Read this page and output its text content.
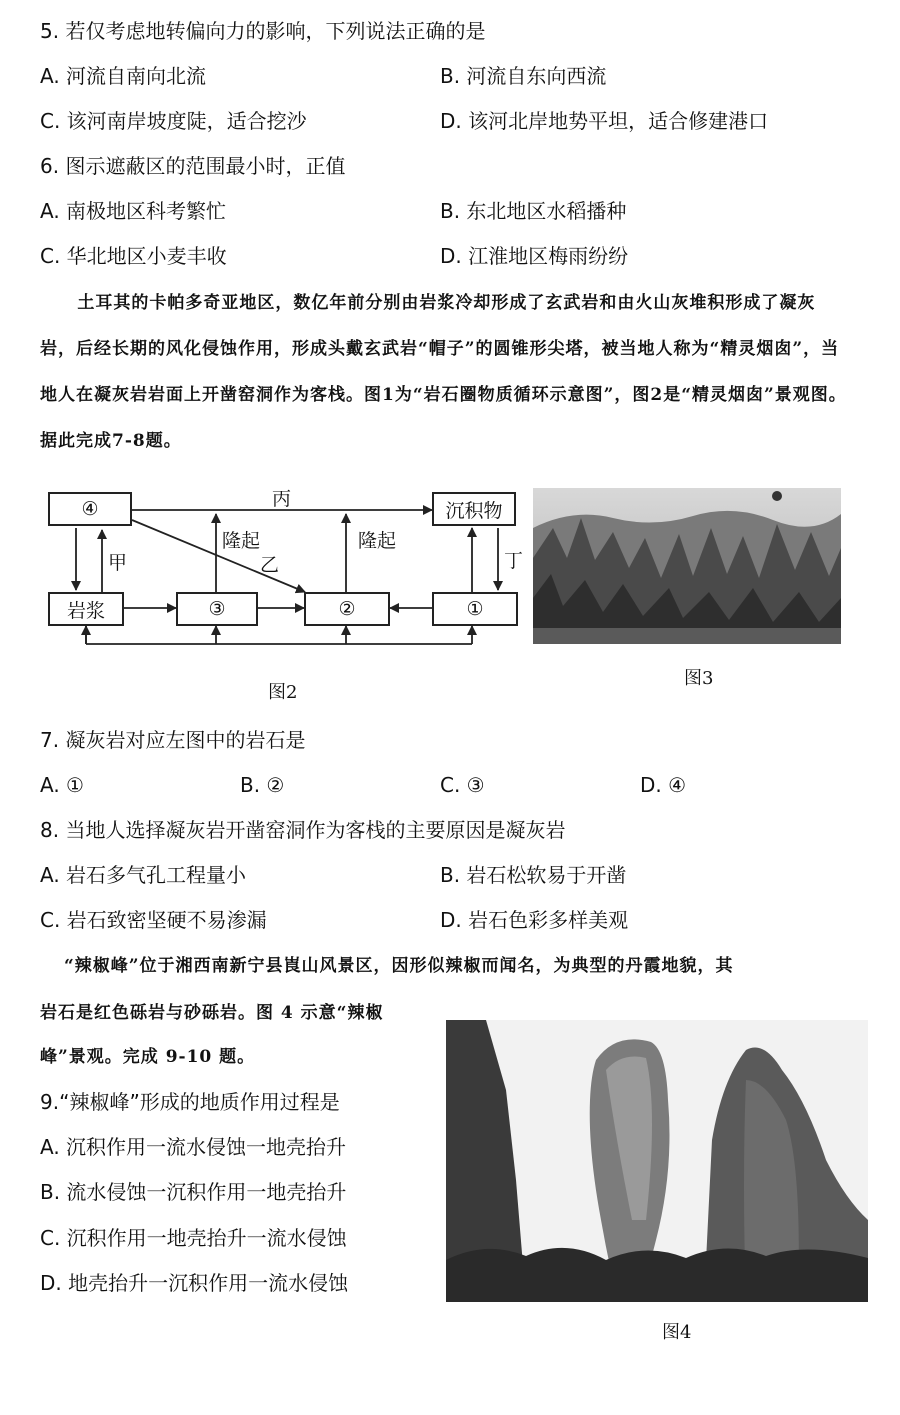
5. 若仅考虑地转偏向力的影响，下列说法正确的是
A. 河流自南向北流	B. 河流自东向西流
C. 该河南岸坡度陡，适合挖沙	D. 该河北岸地势平坦，适合修建港口
6. 图示遮蔽区的范围最小时，正值
A. 南极地区科考繁忙	B. 东北地区水稻播种
C. 华北地区小麦丰收	D. 江淮地区梅雨纷纷

土耳其的卡帕多奇亚地区，数亿年前分别由岩浆冷却形成了玄武岩和由火山灰堆积形成了凝灰岩，后经长期的风化侵蚀作用，形成头戴玄武岩“帽子”的圆锥形尖塔，被当地人称为“精灵烟囱”，当地人在凝灰岩岩面上开凿窑洞作为客栈。图1为“岩石圈物质循环示意图”，图2是“精灵烟囱”景观图。据此完成7-8题。

④	沉积物
岩浆	③	②	①
丙
甲	乙	丁
隆起	隆起
图2
图3
7. 凝灰岩对应左图中的岩石是
A. ①	B. ②	C. ③	D. ④
8. 当地人选择凝灰岩开凿窑洞作为客栈的主要原因是凝灰岩
A. 岩石多气孔工程量小	B. 岩石松软易于开凿
C. 岩石致密坚硬不易渗漏	D. 岩石色彩多样美观
“辣椒峰”位于湘西南新宁县崀山风景区，因形似辣椒而闻名，为典型的丹霞地貌，其
岩石是红色砾岩与砂砾岩。图 4 示意“辣椒
峰”景观。完成 9-10 题。
9.“辣椒峰”形成的地质作用过程是
A. 沉积作用一流水侵蚀一地壳抬升
B. 流水侵蚀一沉积作用一地壳抬升
C. 沉积作用一地壳抬升一流水侵蚀
D. 地壳抬升一沉积作用一流水侵蚀
图4
